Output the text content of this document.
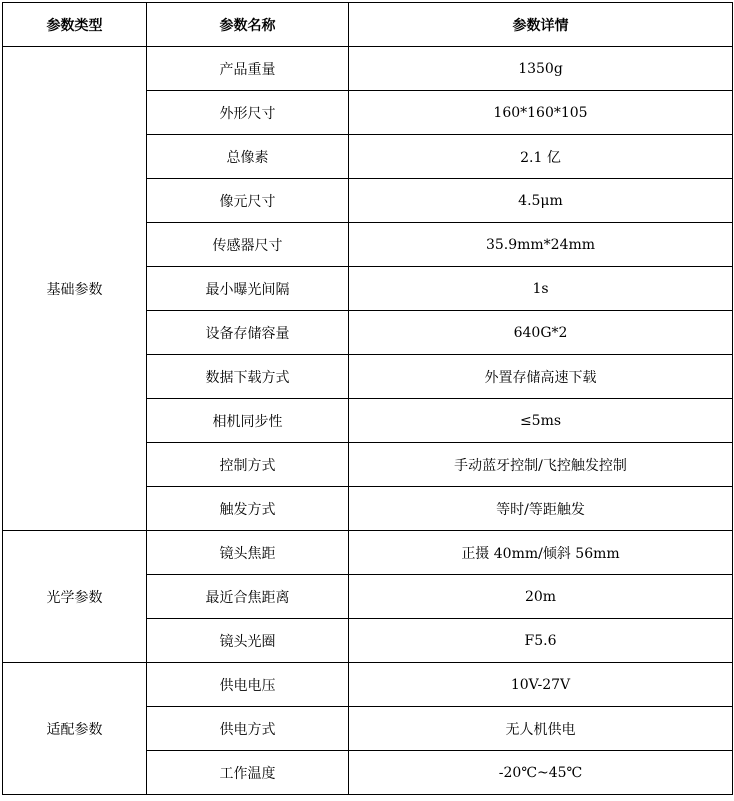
参数类型	参数名称	参数详情
基础参数	产品重量	1350g
	外形尺寸	160*160*105
	总像素	2.1 亿
	像元尺寸	4.5μm
	传感器尺寸	35.9mm*24mm
	最小曝光间隔	1s
	设备存储容量	640G*2
	数据下载方式	外置存储高速下载
	相机同步性	≤5ms
	控制方式	手动蓝牙控制/飞控触发控制
	触发方式	等时/等距触发
光学参数	镜头焦距	正摄 40mm/倾斜 56mm
	最近合焦距离	20m
	镜头光圈	F5.6
适配参数	供电电压	10V-27V
	供电方式	无人机供电
	工作温度	-20℃~45℃
